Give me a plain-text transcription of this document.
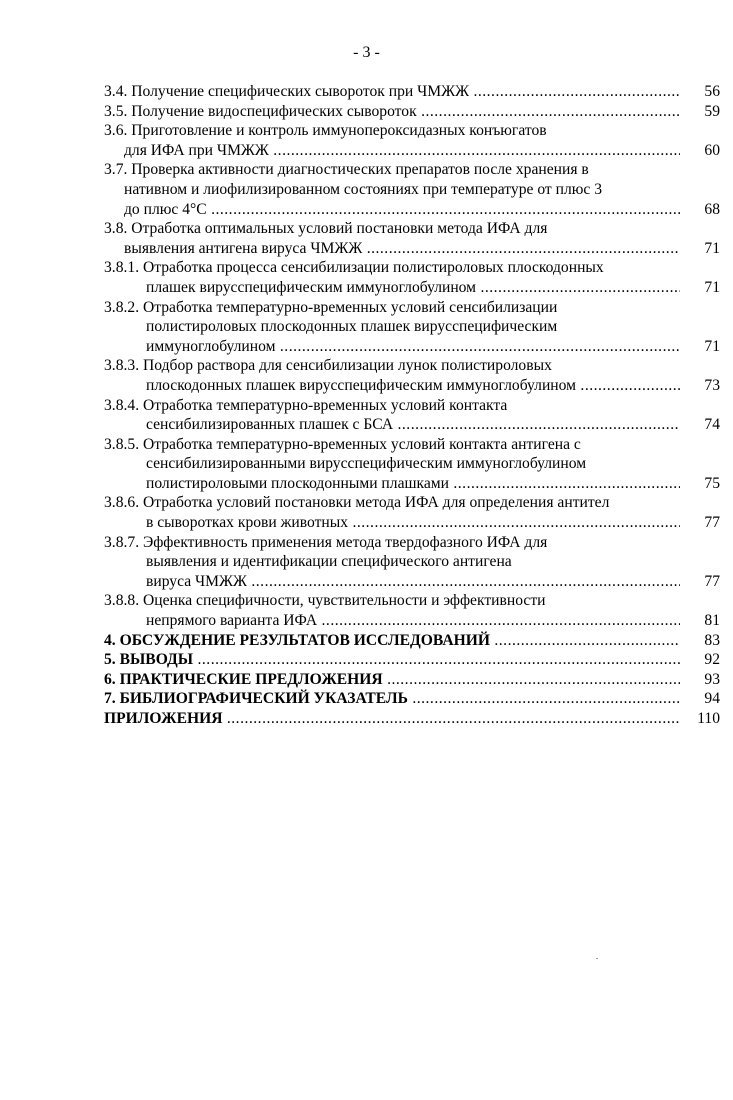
- 3 -
3.4. Получение специфических сывороток при ЧМЖЖ .....	56
3.5. Получение видоспецифических сывороток .....	59
3.6. Приготовление и контроль иммунопероксидазных конъюгатов
для ИФА при ЧМЖЖ .....	60
3.7. Проверка активности диагностических препаратов после хранения в
нативном и лиофилизированном состояниях при температуре от плюс 3
до плюс 4°С .....	68
3.8. Отработка оптимальных условий постановки метода ИФА для
выявления антигена вируса ЧМЖЖ .....	71
3.8.1. Отработка процесса сенсибилизации полистироловых плоскодонных
плашек вирусспецифическим иммуноглобулином .....	71
3.8.2. Отработка температурно-временных условий сенсибилизации
полистироловых плоскодонных плашек вирусспецифическим
иммуноглобулином .....	71
3.8.3. Подбор раствора для сенсибилизации лунок полистироловых
плоскодонных плашек вирусспецифическим иммуноглобулином .....	73
3.8.4. Отработка температурно-временных условий контакта
сенсибилизированных плашек с БСА .....	74
3.8.5. Отработка температурно-временных условий контакта антигена с
сенсибилизированными вирусспецифическим иммуноглобулином
полистироловыми плоскодонными плашками .....	75
3.8.6. Отработка условий постановки метода ИФА для определения антител
в сыворотках крови животных .....	77
3.8.7. Эффективность применения метода твердофазного ИФА для
выявления и идентификации специфического антигена
вируса ЧМЖЖ .....	77
3.8.8. Оценка специфичности, чувствительности и эффективности
непрямого варианта ИФА .....	81
4. ОБСУЖДЕНИЕ РЕЗУЛЬТАТОВ ИССЛЕДОВАНИЙ .....	83
5. ВЫВОДЫ .....	92
6. ПРАКТИЧЕСКИЕ ПРЕДЛОЖЕНИЯ .....	93
7. БИБЛИОГРАФИЧЕСКИЙ УКАЗАТЕЛЬ .....	94
ПРИЛОЖЕНИЯ .....	110
